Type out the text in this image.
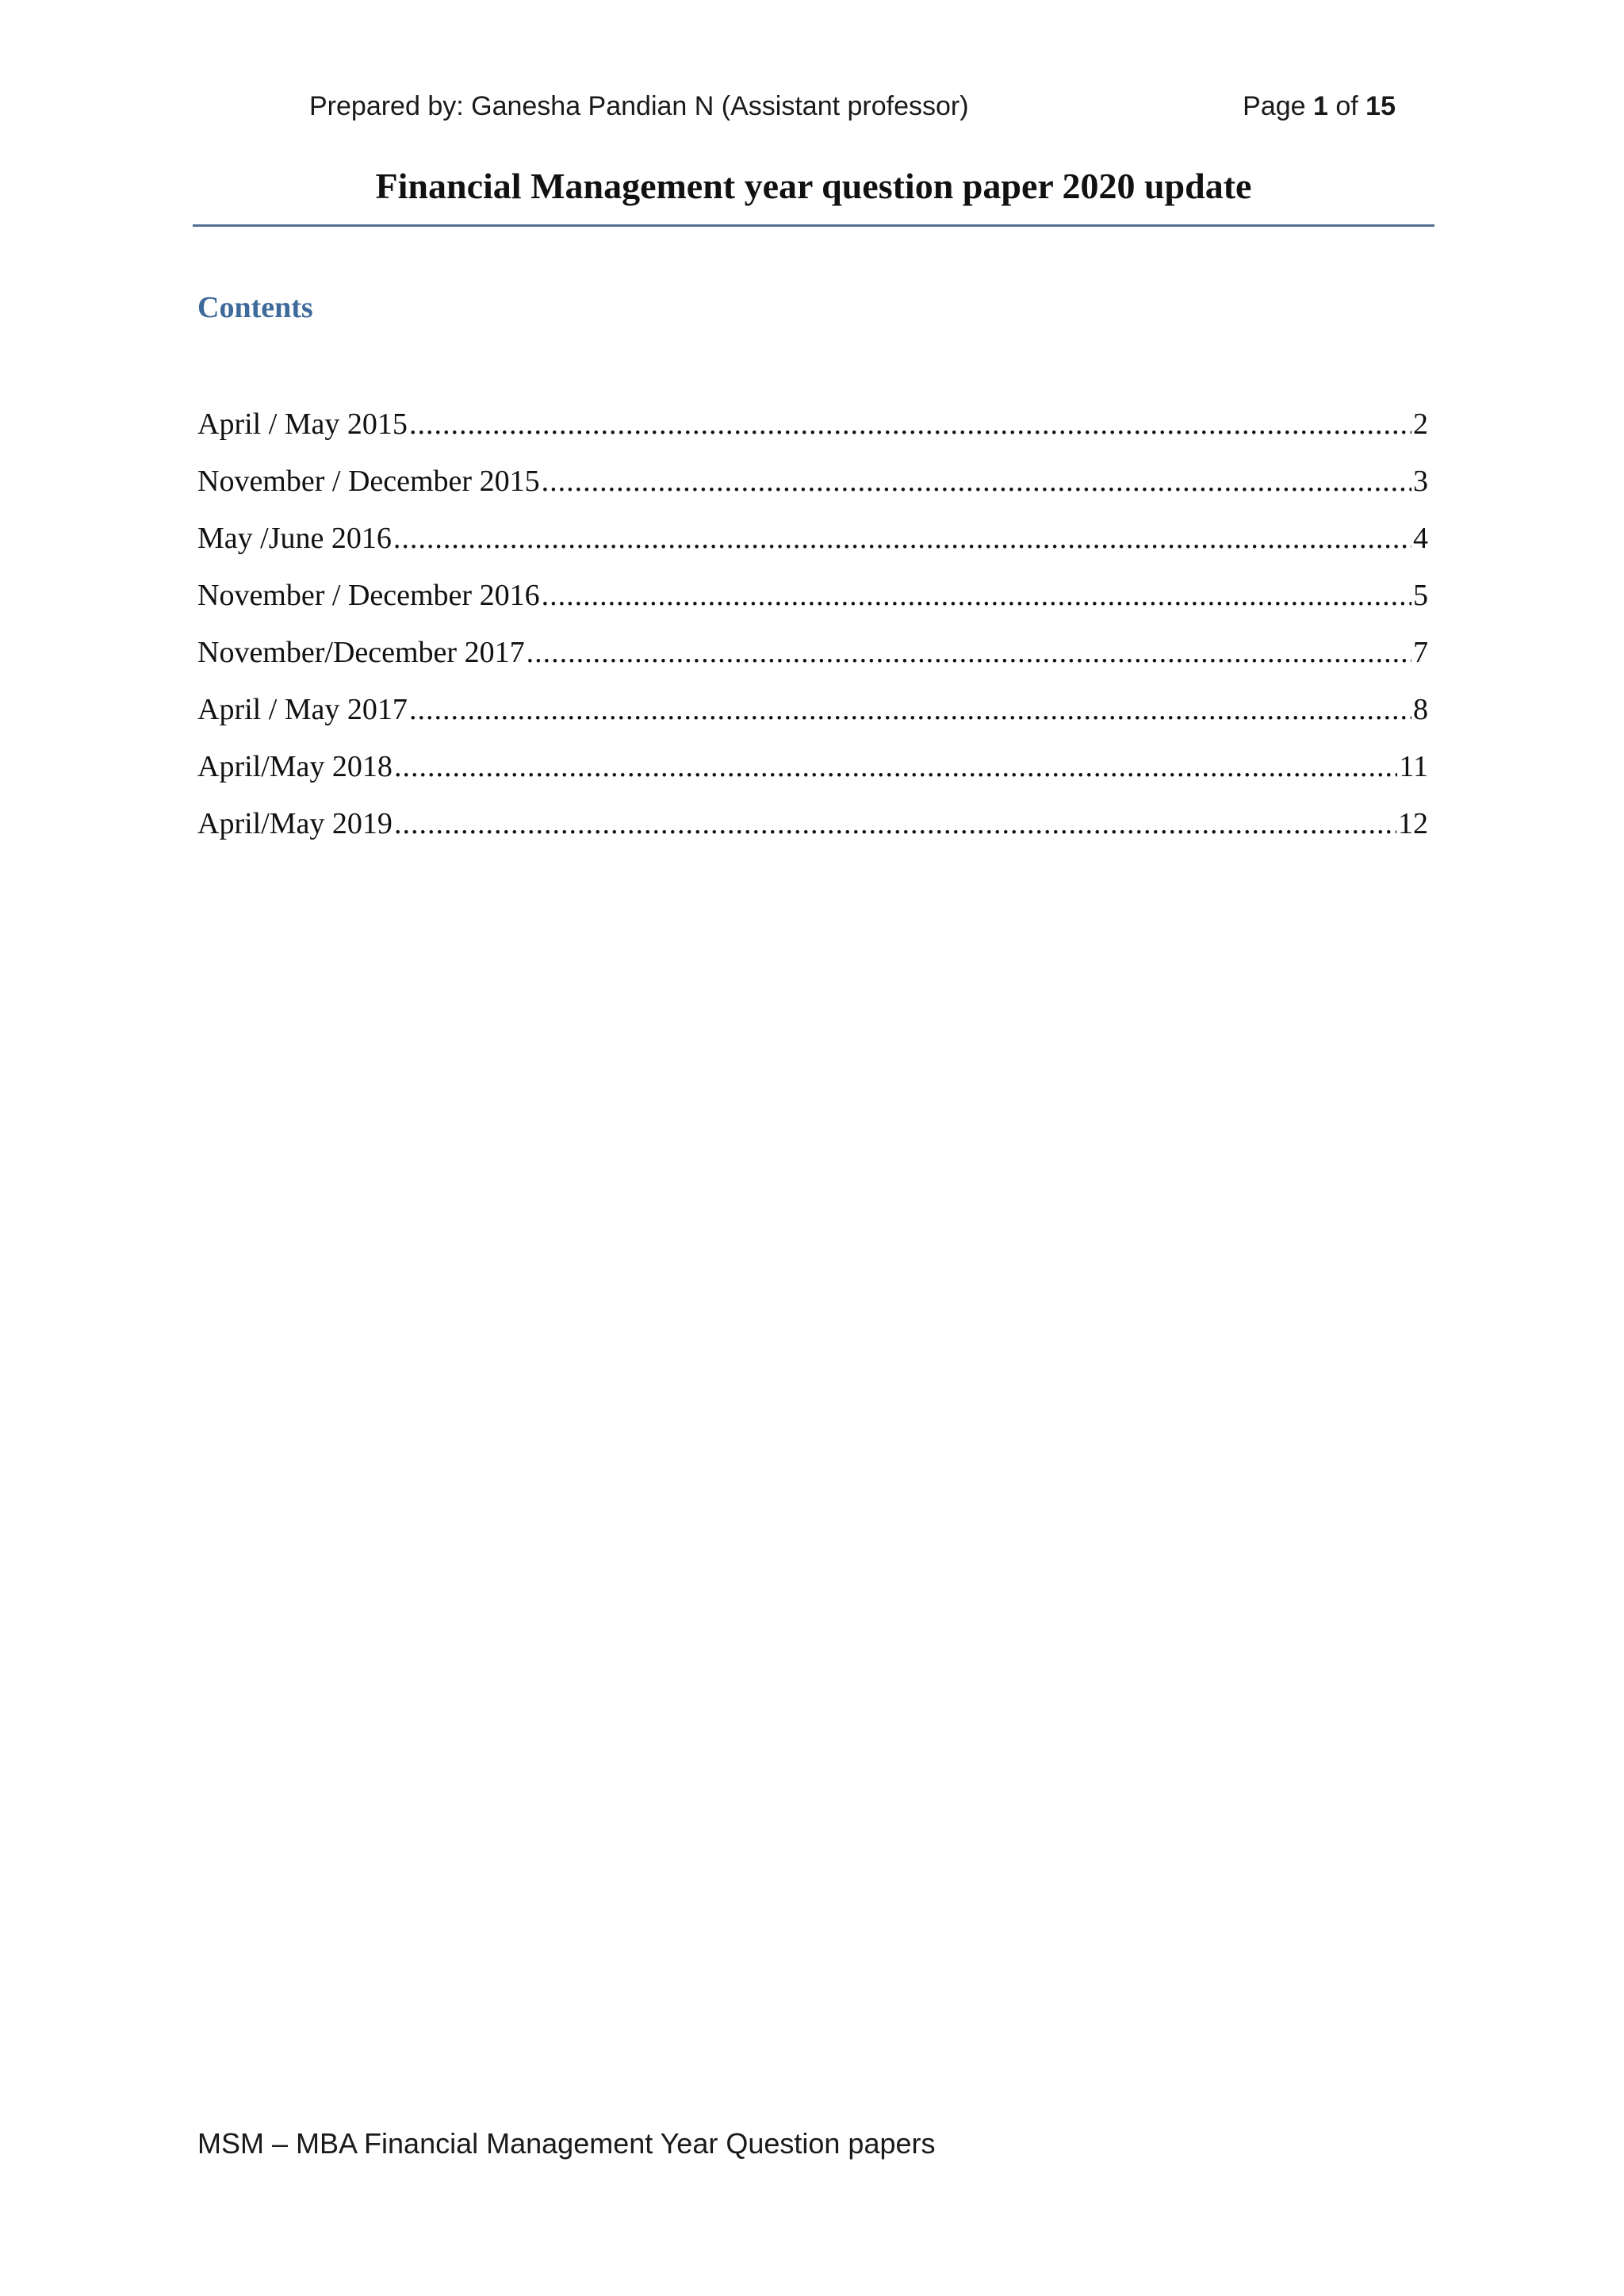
Prepared by: Ganesha Pandian N (Assistant professor)	Page 1 of 15
Financial Management year question paper 2020 update
Contents
April / May 2015 .....	2
November / December 2015 .....	3
May /June 2016 .....	4
November / December 2016 .....	5
November/December 2017 .....	7
April / May 2017 .....	8
April/May 2018 .....	11
April/May 2019 .....	12
MSM – MBA Financial Management Year Question papers
